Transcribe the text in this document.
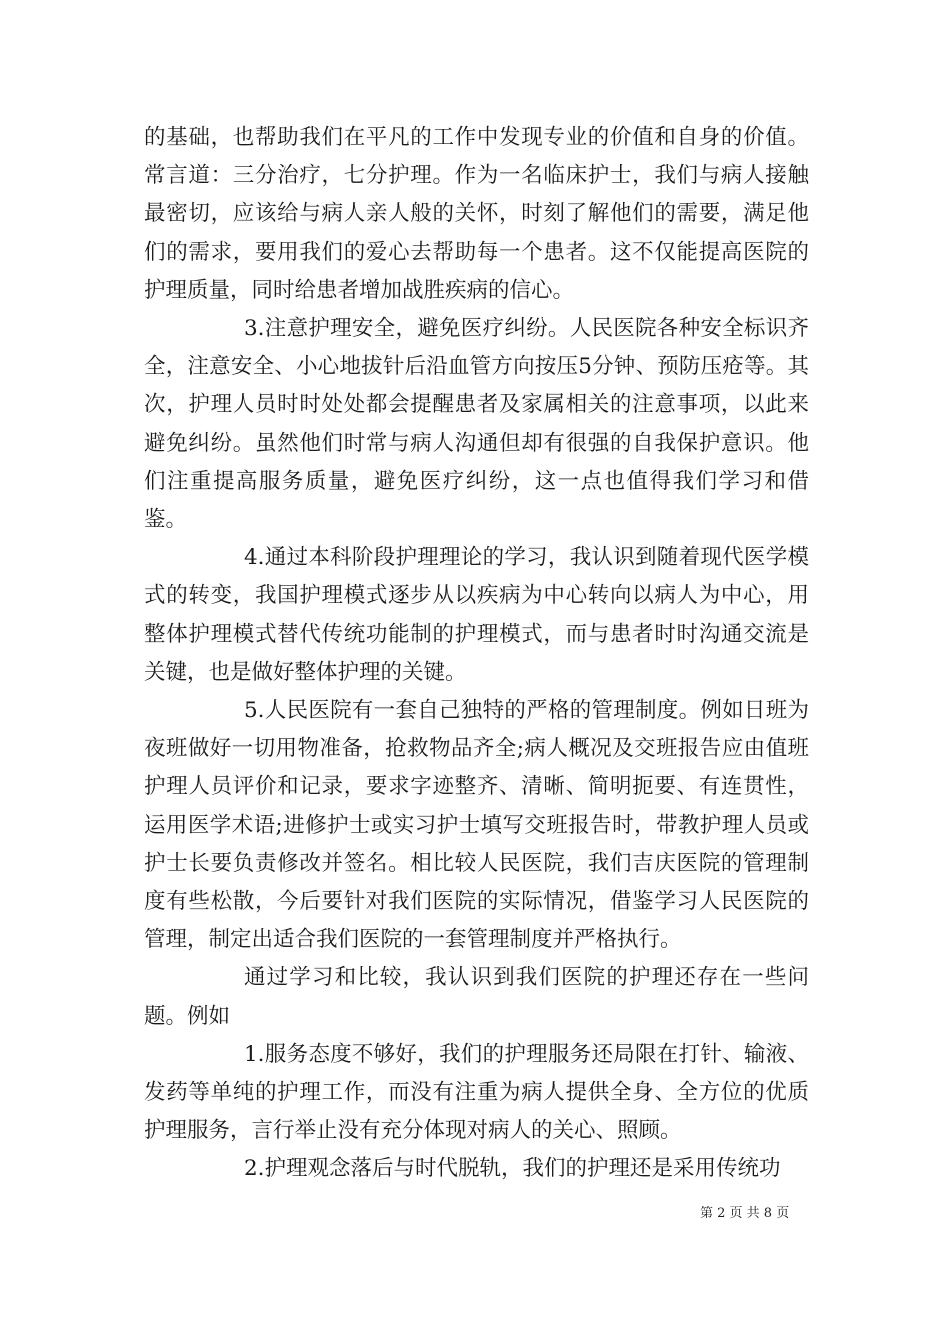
的基础，也帮助我们在平凡的工作中发现专业的价值和自身的价值。常言道：三分治疗，七分护理。作为一名临床护士，我们与病人接触最密切，应该给与病人亲人般的关怀，时刻了解他们的需要，满足他们的需求，要用我们的爱心去帮助每一个患者。这不仅能提高医院的护理质量，同时给患者增加战胜疾病的信心。

3.注意护理安全，避免医疗纠纷。人民医院各种安全标识齐全，注意安全、小心地拔针后沿血管方向按压5分钟、预防压疮等。其次，护理人员时时处处都会提醒患者及家属相关的注意事项，以此来避免纠纷。虽然他们时常与病人沟通但却有很强的自我保护意识。他们注重提高服务质量，避免医疗纠纷，这一点也值得我们学习和借鉴。

4.通过本科阶段护理理论的学习，我认识到随着现代医学模式的转变，我国护理模式逐步从以疾病为中心转向以病人为中心，用整体护理模式替代传统功能制的护理模式，而与患者时时沟通交流是关键，也是做好整体护理的关键。

5.人民医院有一套自己独特的严格的管理制度。例如日班为夜班做好一切用物准备，抢救物品齐全;病人概况及交班报告应由值班护理人员评价和记录，要求字迹整齐、清晰、简明扼要、有连贯性，运用医学术语;进修护士或实习护士填写交班报告时，带教护理人员或护士长要负责修改并签名。相比较人民医院，我们吉庆医院的管理制度有些松散，今后要针对我们医院的实际情况，借鉴学习人民医院的管理，制定出适合我们医院的一套管理制度并严格执行。

通过学习和比较，我认识到我们医院的护理还存在一些问题。例如

1.服务态度不够好，我们的护理服务还局限在打针、输液、发药等单纯的护理工作，而没有注重为病人提供全身、全方位的优质护理服务，言行举止没有充分体现对病人的关心、照顾。

2.护理观念落后与时代脱轨，我们的护理还是采用传统功

第 2 页 共 8 页
